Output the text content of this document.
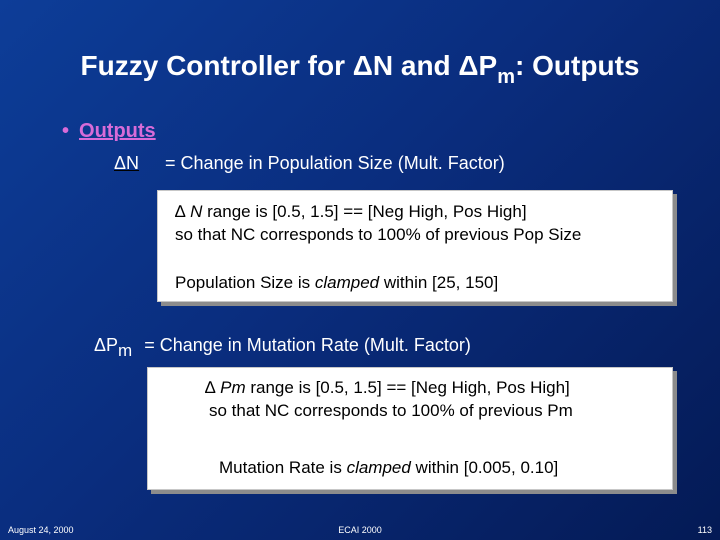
Fuzzy Controller for ΔN and $\Delta P_m$: Outputs
• Outputs
ΔN = Change in Population Size (Mult. Factor)
∆ N range is [0.5, 1.5] == [Neg High, Pos High]
so that NC corresponds to 100% of previous Pop Size
Population Size is clamped within [25, 150]
ΔPm = Change in Mutation Rate (Mult. Factor)
∆ Pm range is [0.5, 1.5] == [Neg High, Pos High]
so that NC corresponds to 100% of previous Pm
Mutation Rate is clamped within [0.005, 0.10]
August 24, 2000	ECAI 2000	113
